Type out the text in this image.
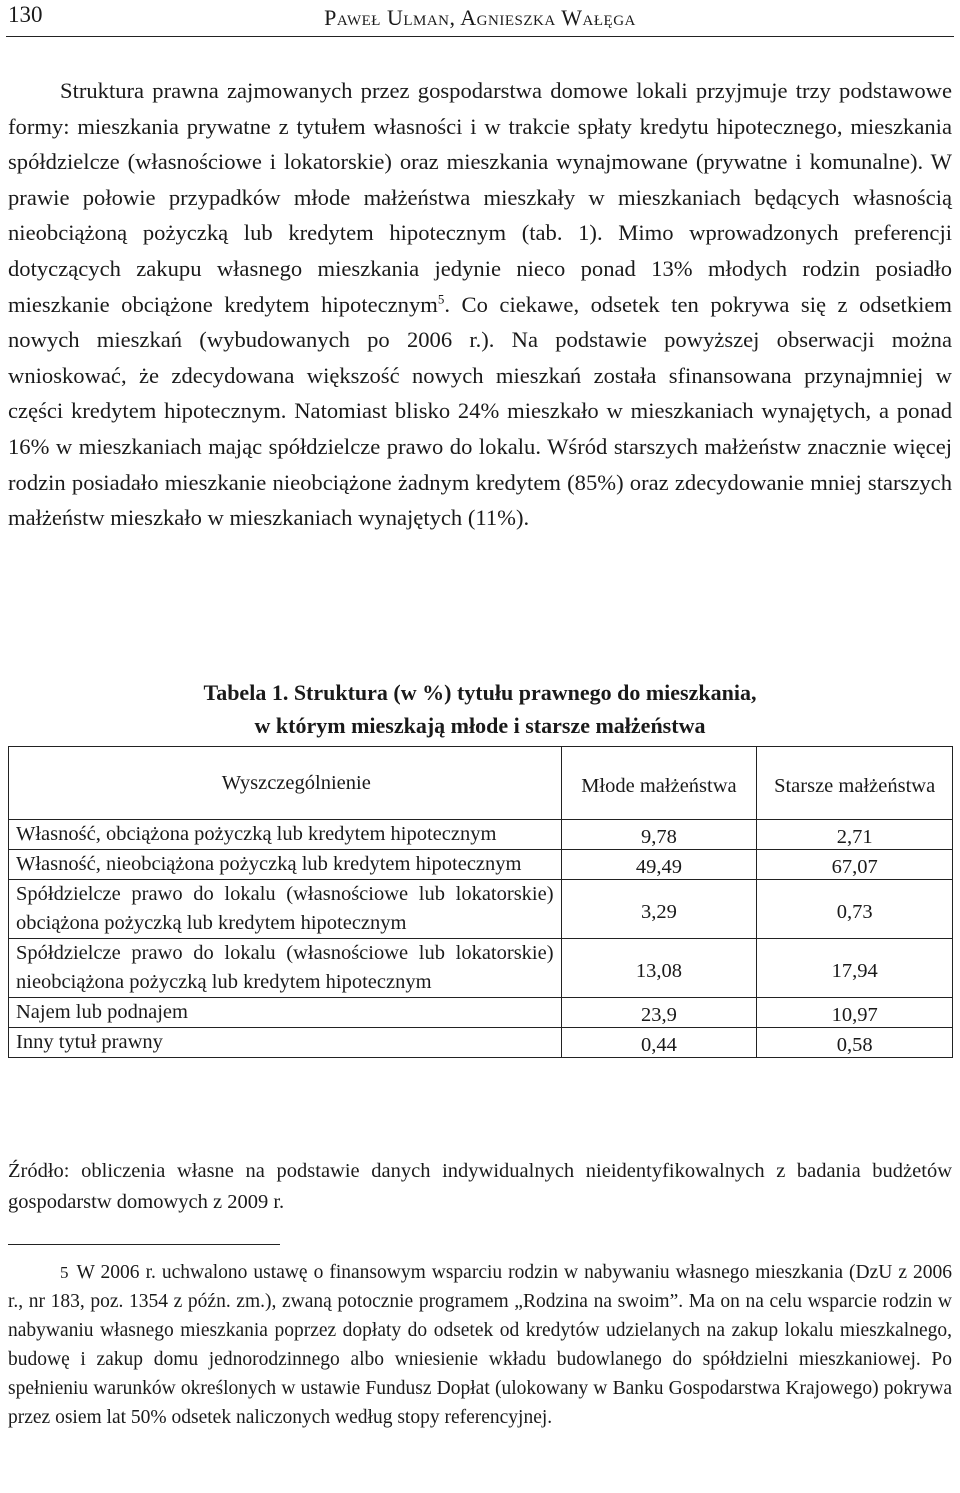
130	Paweł Ulman, Agnieszka Wałęga

Struktura prawna zajmowanych przez gospodarstwa domowe lokali przyjmuje trzy podstawowe formy: mieszkania prywatne z tytułem własności i w trakcie spłaty kredytu hipotecznego, mieszkania spółdzielcze (własnościowe i lokatorskie) oraz mieszkania wynajmowane (prywatne i komunalne). W prawie połowie przypadków młode małżeństwa mieszkały w mieszkaniach będących własnością nieobciążoną pożyczką lub kredytem hipotecznym (tab. 1). Mimo wprowadzonych preferencji dotyczących zakupu własnego mieszkania jedynie nieco ponad 13% młodych rodzin posiadło mieszkanie obciążone kredytem hipotecznym$^5$. Co ciekawe, odsetek ten pokrywa się z odsetkiem nowych mieszkań (wybudowanych po 2006 r.). Na podstawie powyższej obserwacji można wnioskować, że zdecydowana większość nowych mieszkań została sfinansowana przynajmniej w części kredytem hipotecznym. Natomiast blisko 24% mieszkało w mieszkaniach wynajętych, a ponad 16% w mieszkaniach mając spółdzielcze prawo do lokalu. Wśród starszych małżeństw znacznie więcej rodzin posiadało mieszkanie nieobciążone żadnym kredytem (85%) oraz zdecydowanie mniej starszych małżeństw mieszkało w mieszkaniach wynajętych (11%).

Tabela 1. Struktura (w %) tytułu prawnego do mieszkania,
w którym mieszkają młode i starsze małżeństwa
Wyszczególnienie	Młode małżeństwa	Starsze małżeństwa
Własność, obciążona pożyczką lub kredytem hipotecznym	9,78	2,71
Własność, nieobciążona pożyczką lub kredytem hipotecznym	49,49	67,07
Spółdzielcze prawo do lokalu (własnościowe lub lokatorskie) obciążona pożyczką lub kredytem hipotecznym	3,29	0,73
Spółdzielcze prawo do lokalu (własnościowe lub lokatorskie) nieobciążona pożyczką lub kredytem hipotecznym	13,08	17,94
Najem lub podnajem	23,9	10,97
Inny tytuł prawny	0,44	0,58

Źródło: obliczenia własne na podstawie danych indywidualnych nieidentyfikowalnych z badania budżetów gospodarstw domowych z 2009 r.

5 W 2006 r. uchwalono ustawę o finansowym wsparciu rodzin w nabywaniu własnego mieszkania (DzU z 2006 r., nr 183, poz. 1354 z późn. zm.), zwaną potocznie programem „Rodzina na swoim”. Ma on na celu wsparcie rodzin w nabywaniu własnego mieszkania poprzez dopłaty do odsetek od kredytów udzielanych na zakup lokalu mieszkalnego, budowę i zakup domu jednorodzinnego albo wniesienie wkładu budowlanego do spółdzielni mieszkaniowej. Po spełnieniu warunków określonych w ustawie Fundusz Dopłat (ulokowany w Banku Gospodarstwa Krajowego) pokrywa przez osiem lat 50% odsetek naliczonych według stopy referencyjnej.
